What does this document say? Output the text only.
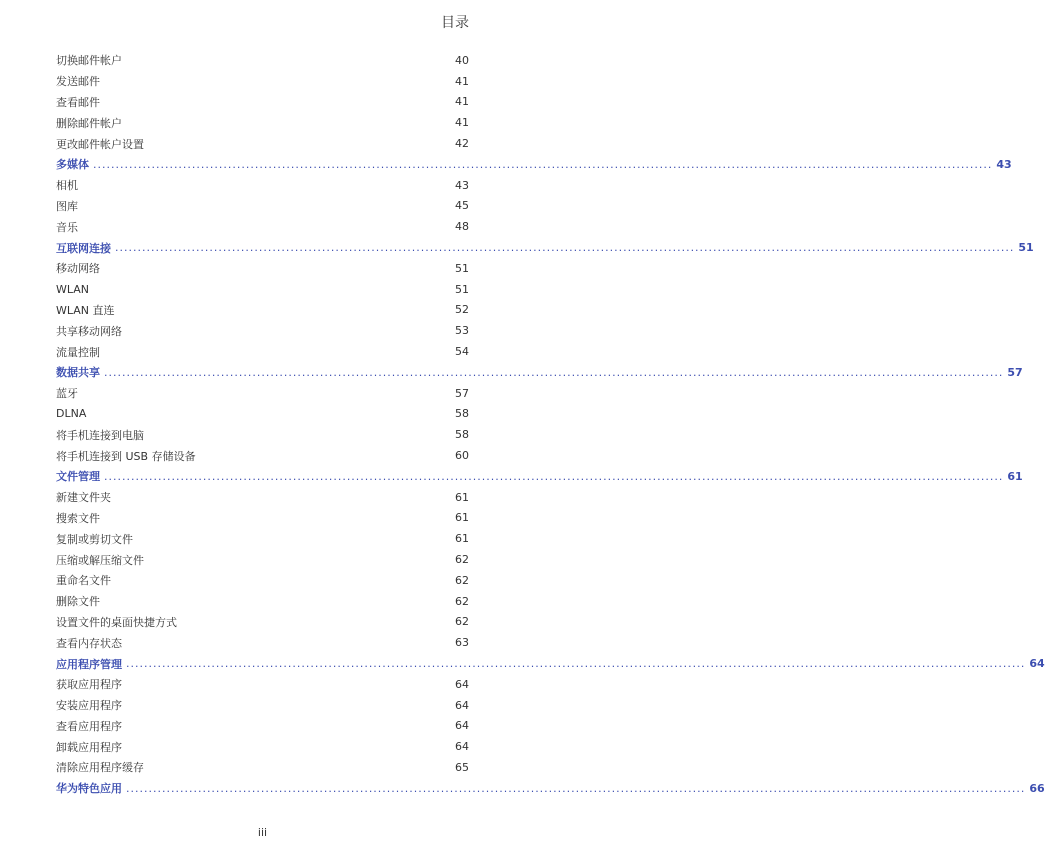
目录
切换邮件帐户	40
发送邮件	41
查看邮件	41
删除邮件帐户	41
更改邮件帐户设置	42
多媒体 ........................................................................................................................................................................................................ 43
相机	43
图库	45
音乐	48
互联网连接 ........................................................................................................................................................................................................ 51
移动网络	51
WLAN	51
WLAN 直连	52
共享移动网络	53
流量控制	54
数据共享 ........................................................................................................................................................................................................ 57
蓝牙	57
DLNA	58
将手机连接到电脑	58
将手机连接到 USB 存储设备	60
文件管理 ........................................................................................................................................................................................................ 61
新建文件夹	61
搜索文件	61
复制或剪切文件	61
压缩或解压缩文件	62
重命名文件	62
删除文件	62
设置文件的桌面快捷方式	62
查看内存状态	63
应用程序管理 ........................................................................................................................................................................................................ 64
获取应用程序	64
安装应用程序	64
查看应用程序	64
卸载应用程序	64
清除应用程序缓存	65
华为特色应用 ........................................................................................................................................................................................................ 66
iii
